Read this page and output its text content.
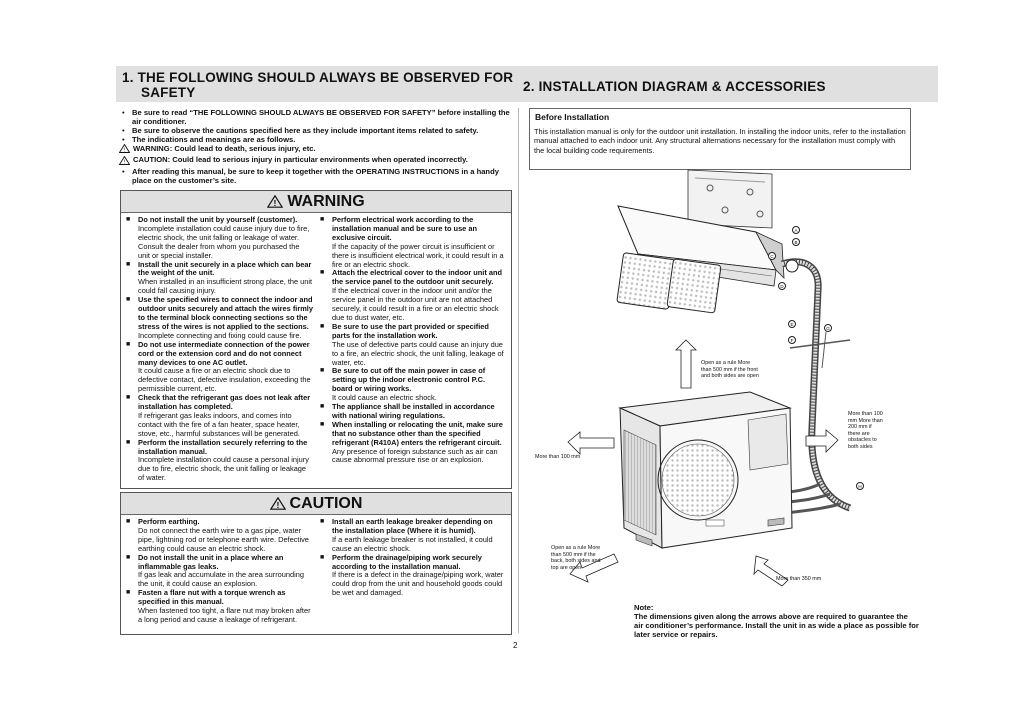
1. THE FOLLOWING SHOULD ALWAYS BE OBSERVED FOR
SAFETY	2. INSTALLATION DIAGRAM & ACCESSORIES
• Be sure to read “THE FOLLOWING SHOULD ALWAYS BE OBSERVED FOR SAFETY” before installing the air conditioner.
• Be sure to observe the cautions specified here as they include important items related to safety.
• The indications and meanings are as follows.
! WARNING: Could lead to death, serious injury, etc.
! CAUTION: Could lead to serious injury in particular environments when operated incorrectly.
• After reading this manual, be sure to keep it together with the OPERATING INSTRUCTIONS in a handy place on the customer’s site.
! WARNING
■	Do not install the unit by yourself (customer).
Incomplete installation could cause injury due to fire, electric shock, the unit falling or leakage of water. Consult the dealer from whom you purchased the unit or special installer.
■	Install the unit securely in a place which can bear the weight of the unit.
When installed in an insufficient strong place, the unit could fall causing injury.
■	Use the specified wires to connect the indoor and outdoor units securely and attach the wires firmly to the terminal block connecting sections so the stress of the wires is not applied to the sections.
Incomplete connecting and fixing could cause fire.
■	Do not use intermediate connection of the power cord or the extension cord and do not connect many devices to one AC outlet.
It could cause a fire or an electric shock due to defective contact, defective insulation, exceeding the permissible current, etc.
■	Check that the refrigerant gas does not leak after installation has completed.
If refrigerant gas leaks indoors, and comes into contact with the fire of a fan heater, space heater, stove, etc., harmful substances will be generated.
■	Perform the installation securely referring to the installation manual.
Incomplete installation could cause a personal injury due to fire, electric shock, the unit falling or leakage of water.
■	Perform electrical work according to the installation manual and be sure to use an exclusive circuit.
If the capacity of the power circuit is insufficient or there is insufficient electrical work, it could result in a fire or an electric shock.
■	Attach the electrical cover to the indoor unit and the service panel to the outdoor unit securely.
If the electrical cover in the indoor unit and/or the service panel in the outdoor unit are not attached securely, it could result in a fire or an electric shock due to dust water, etc.
■	Be sure to use the part provided or specified parts for the installation work.
The use of defective parts could cause an injury due to a fire, an electric shock, the unit falling, leakage of water, etc.
■	Be sure to cut off the main power in case of setting up the indoor electronic control P.C. board or wiring works.
It could cause an electric shock.
■	The appliance shall be installed in accordance with national wiring regulations.
■	When installing or relocating the unit, make sure that no substance other than the specified refrigerant (R410A) enters the refrigerant circuit.
Any presence of foreign substance such as air can cause abnormal pressure rise or an explosion.
! CAUTION
■	Perform earthing.
Do not connect the earth wire to a gas pipe, water pipe, lightning rod or telephone earth wire. Defective earthing could cause an electric shock.
■	Do not install the unit in a place where an inflammable gas leaks.
If gas leak and accumulate in the area surrounding the unit, it could cause an explosion.
■	Fasten a flare nut with a torque wrench as specified in this manual.
When fastened too tight, a flare nut may broken after a long period and cause a leakage of refrigerant.
■	Install an earth leakage breaker depending on the installation place (Where it is humid).
If a earth leakage breaker is not installed, it could cause an electric shock.
■	Perform the drainage/piping work securely according to the installation manual.
If there is a defect in the drainage/piping work, water could drop from the unit and household goods could be wet and damaged.
Before Installation
This installation manual is only for the outdoor unit installation. In installing the indoor units, refer to the installation manual attached to each indoor unit. Any structural alternations necessary for the installation must comply with the local building code requirements.
A
B
C
D
E
F
G
H
Open as a rule More than 500 mm if the front and both sides are open
More than 100 mm More than 200 mm if there are obstacles to both sides
More than 100 mm
Open as a rule More than 500 mm if the back, both sides and top are open
More than 350 mm
Note:
The dimensions given along the arrows above are required to guarantee the air conditioner’s performance. Install the unit in as wide a place as possible for later service or repairs.
2
